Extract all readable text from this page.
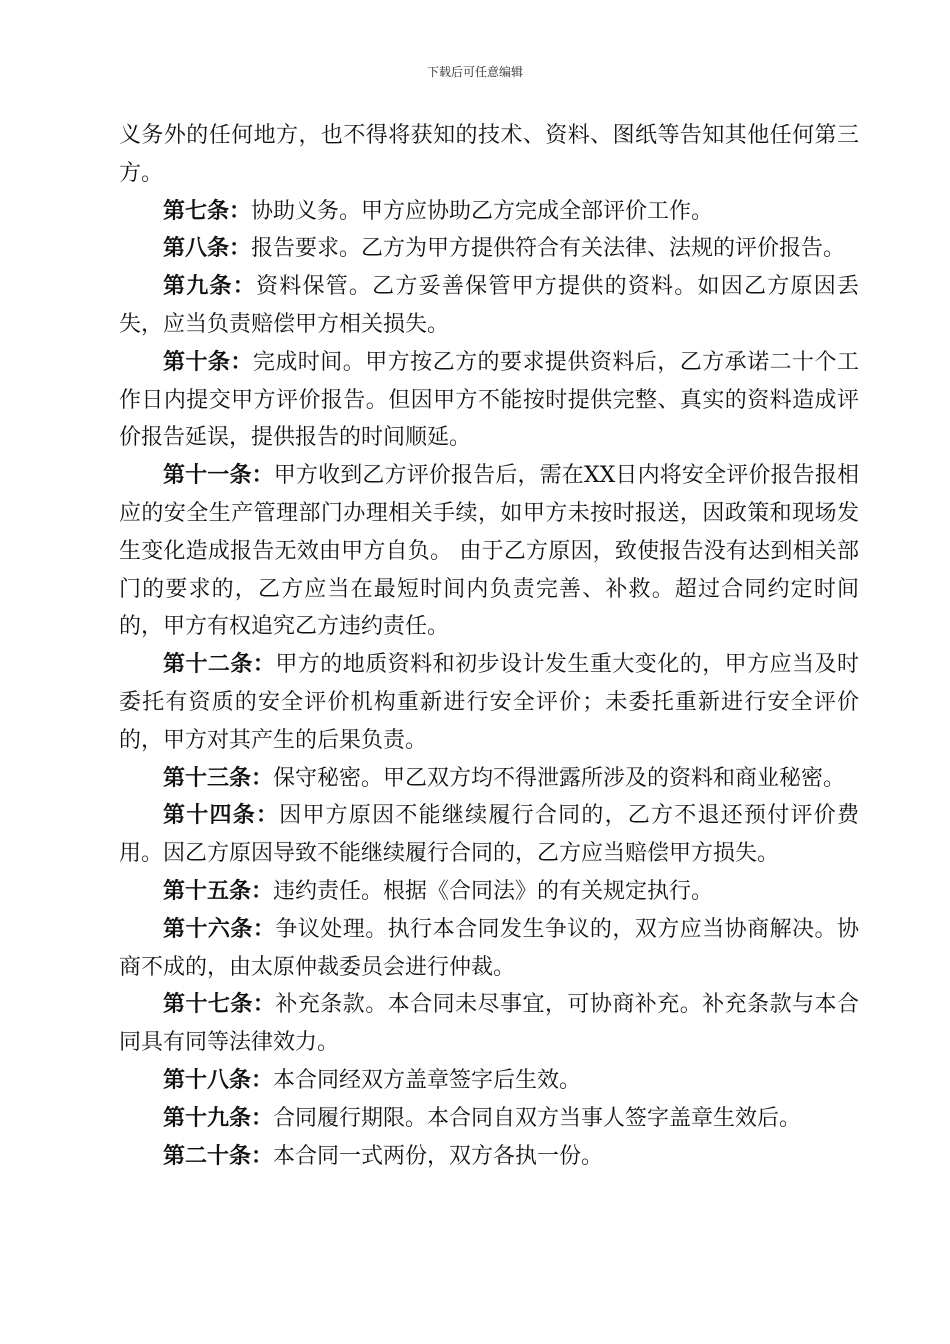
下载后可任意编辑

义务外的任何地方，也不得将获知的技术、资料、图纸等告知其他任何第三方。

第七条：协助义务。甲方应协助乙方完成全部评价工作。

第八条：报告要求。乙方为甲方提供符合有关法律、法规的评价报告。

第九条：资料保管。乙方妥善保管甲方提供的资料。如因乙方原因丢失，应当负责赔偿甲方相关损失。

第十条：完成时间。甲方按乙方的要求提供资料后，乙方承诺二十个工作日内提交甲方评价报告。但因甲方不能按时提供完整、真实的资料造成评价报告延误，提供报告的时间顺延。

第十一条：甲方收到乙方评价报告后，需在XX日内将安全评价报告报相应的安全生产管理部门办理相关手续，如甲方未按时报送，因政策和现场发生变化造成报告无效由甲方自负。 由于乙方原因，致使报告没有达到相关部门的要求的，乙方应当在最短时间内负责完善、补救。超过合同约定时间的，甲方有权追究乙方违约责任。

第十二条：甲方的地质资料和初步设计发生重大变化的，甲方应当及时委托有资质的安全评价机构重新进行安全评价；未委托重新进行安全评价的，甲方对其产生的后果负责。

第十三条：保守秘密。甲乙双方均不得泄露所涉及的资料和商业秘密。

第十四条：因甲方原因不能继续履行合同的，乙方不退还预付评价费用。因乙方原因导致不能继续履行合同的，乙方应当赔偿甲方损失。

第十五条：违约责任。根据《合同法》的有关规定执行。

第十六条：争议处理。执行本合同发生争议的，双方应当协商解决。协商不成的，由太原仲裁委员会进行仲裁。

第十七条：补充条款。本合同未尽事宜，可协商补充。补充条款与本合同具有同等法律效力。

第十八条：本合同经双方盖章签字后生效。

第十九条：合同履行期限。本合同自双方当事人签字盖章生效后。

第二十条：本合同一式两份，双方各执一份。
